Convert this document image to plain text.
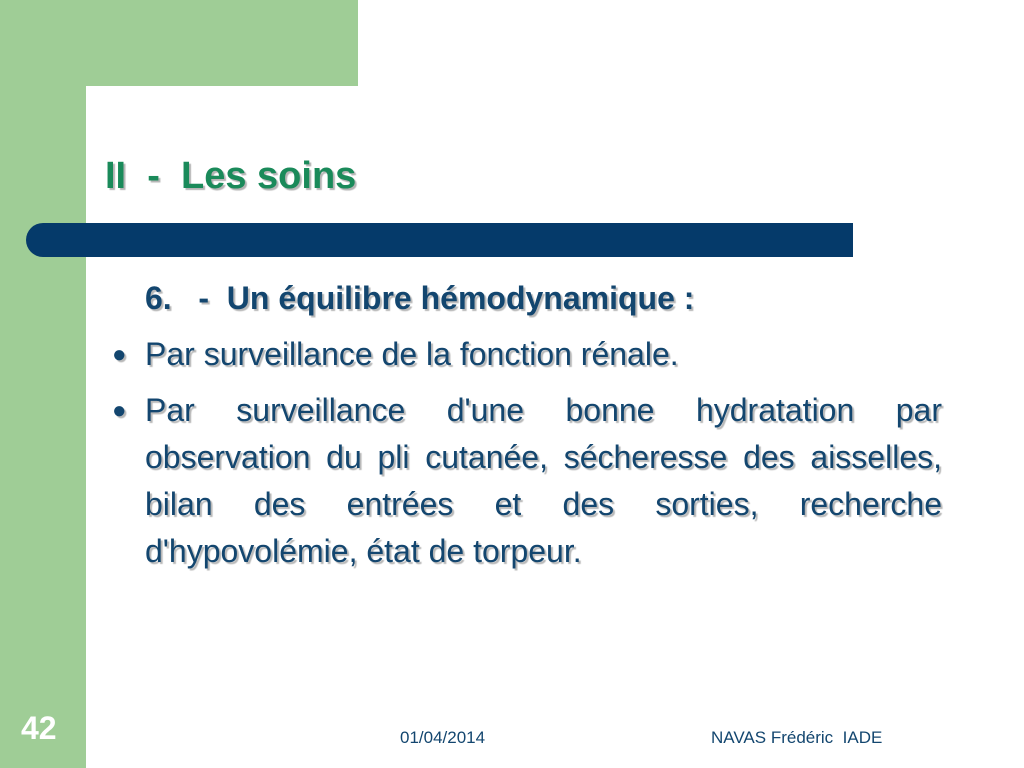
II  -  Les soins
6.   -  Un équilibre hémodynamique :
● Par surveillance de la fonction rénale.
● Par surveillance d'une bonne hydratation par observation du pli cutanée, sécheresse des aisselles, bilan des entrées et des sorties, recherche d'hypovolémie, état de torpeur.
42	01/04/2014	NAVAS Frédéric  IADE
